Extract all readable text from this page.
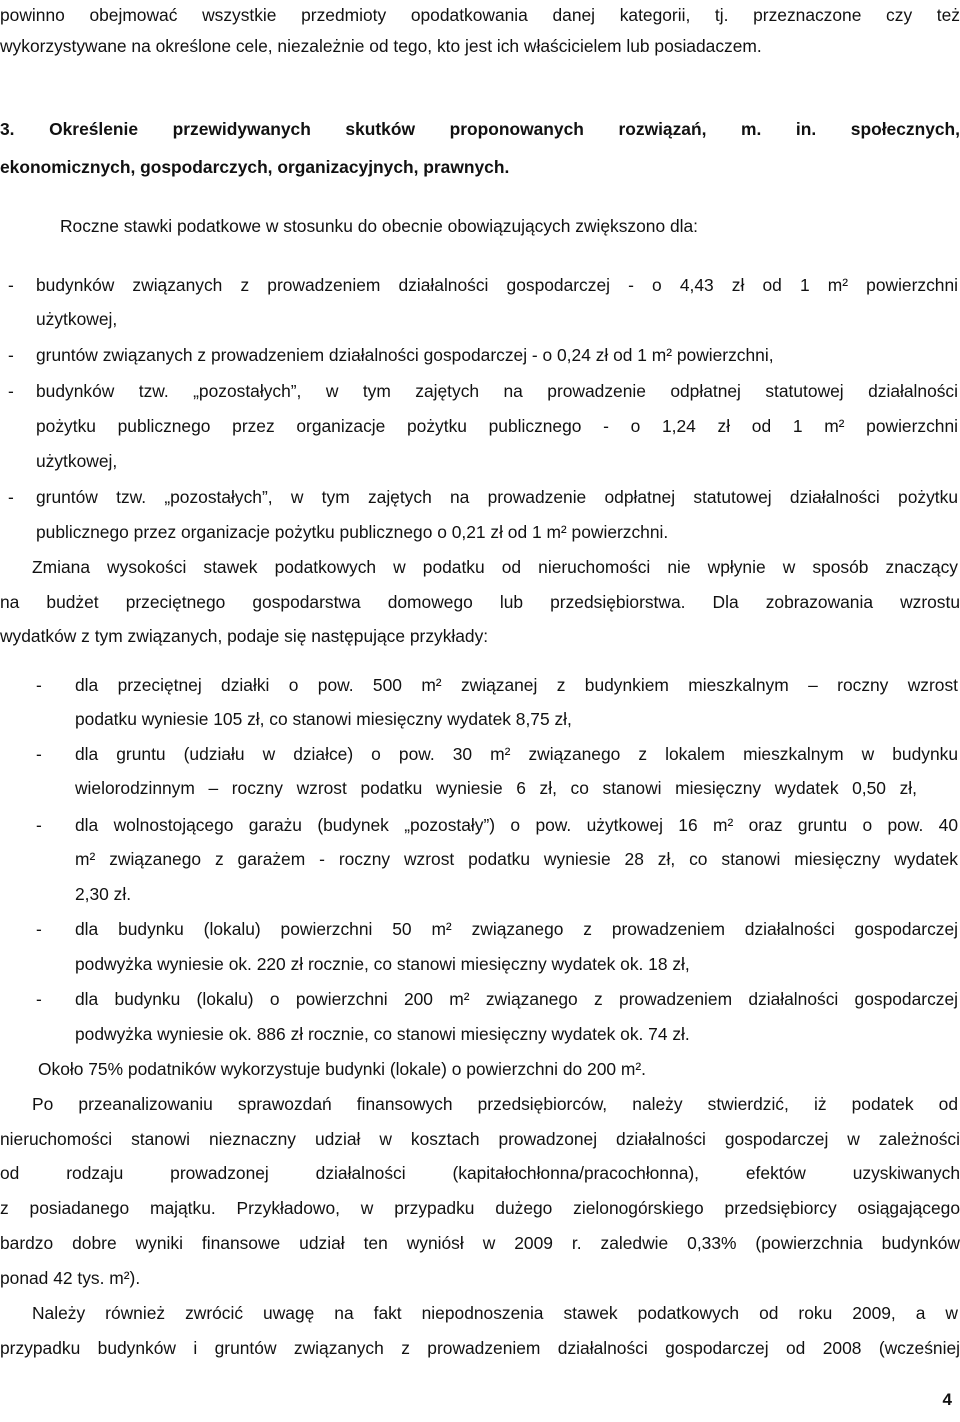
powinno obejmować wszystkie przedmioty opodatkowania danej kategorii, tj. przeznaczone czy też
wykorzystywane na określone cele, niezależnie od tego, kto jest ich właścicielem lub posiadaczem.
3. Określenie przewidywanych skutków proponowanych rozwiązań, m. in. społecznych,
ekonomicznych, gospodarczych, organizacyjnych, prawnych.
Roczne stawki podatkowe w stosunku do obecnie obowiązujących zwiększono dla:
- budynków związanych z prowadzeniem działalności gospodarczej - o 4,43 zł od 1 m² powierzchni
użytkowej,
- gruntów związanych z prowadzeniem działalności gospodarczej - o 0,24 zł od 1 m² powierzchni,
- budynków tzw. „pozostałych”, w tym zajętych na prowadzenie odpłatnej statutowej działalności
pożytku publicznego przez organizacje pożytku publicznego - o 1,24 zł od 1 m² powierzchni
użytkowej,
- gruntów tzw. „pozostałych”, w tym zajętych na prowadzenie odpłatnej statutowej działalności pożytku
publicznego przez organizacje pożytku publicznego o 0,21 zł od 1 m² powierzchni.
Zmiana wysokości stawek podatkowych w podatku od nieruchomości nie wpłynie w sposób znaczący
na budżet przeciętnego gospodarstwa domowego lub przedsiębiorstwa. Dla zobrazowania wzrostu
wydatków z tym związanych, podaje się następujące przykłady:
- dla przeciętnej działki o pow. 500 m² związanej z budynkiem mieszkalnym – roczny wzrost
podatku wyniesie 105 zł, co stanowi miesięczny wydatek 8,75 zł,
- dla gruntu (udziału w działce) o pow. 30 m² związanego z lokalem mieszkalnym w budynku
wielorodzinnym – roczny wzrost podatku wyniesie 6 zł, co stanowi miesięczny wydatek 0,50 zł,
- dla wolnostojącego garażu (budynek „pozostały”) o pow. użytkowej 16 m² oraz gruntu o pow. 40
m² związanego z garażem - roczny wzrost podatku wyniesie 28 zł, co stanowi miesięczny wydatek
2,30 zł.
- dla budynku (lokalu) powierzchni 50 m² związanego z prowadzeniem działalności gospodarczej
podwyżka wyniesie ok. 220 zł rocznie, co stanowi miesięczny wydatek ok. 18 zł,
- dla budynku (lokalu) o powierzchni 200 m² związanego z prowadzeniem działalności gospodarczej
podwyżka wyniesie ok. 886 zł rocznie, co stanowi miesięczny wydatek ok. 74 zł.
Około 75% podatników wykorzystuje budynki (lokale) o powierzchni do 200 m².
Po przeanalizowaniu sprawozdań finansowych przedsiębiorców, należy stwierdzić, iż podatek od
nieruchomości stanowi nieznaczny udział w kosztach prowadzonej działalności gospodarczej w zależności
od rodzaju prowadzonej działalności (kapitałochłonna/pracochłonna), efektów uzyskiwanych
z posiadanego majątku. Przykładowo, w przypadku dużego zielonogórskiego przedsiębiorcy osiągającego
bardzo dobre wyniki finansowe udział ten wyniósł w 2009 r. zaledwie 0,33% (powierzchnia budynków
ponad 42 tys. m²).
Należy również zwrócić uwagę na fakt niepodnoszenia stawek podatkowych od roku 2009, a w
przypadku budynków i gruntów związanych z prowadzeniem działalności gospodarczej od 2008 (wcześniej
4
